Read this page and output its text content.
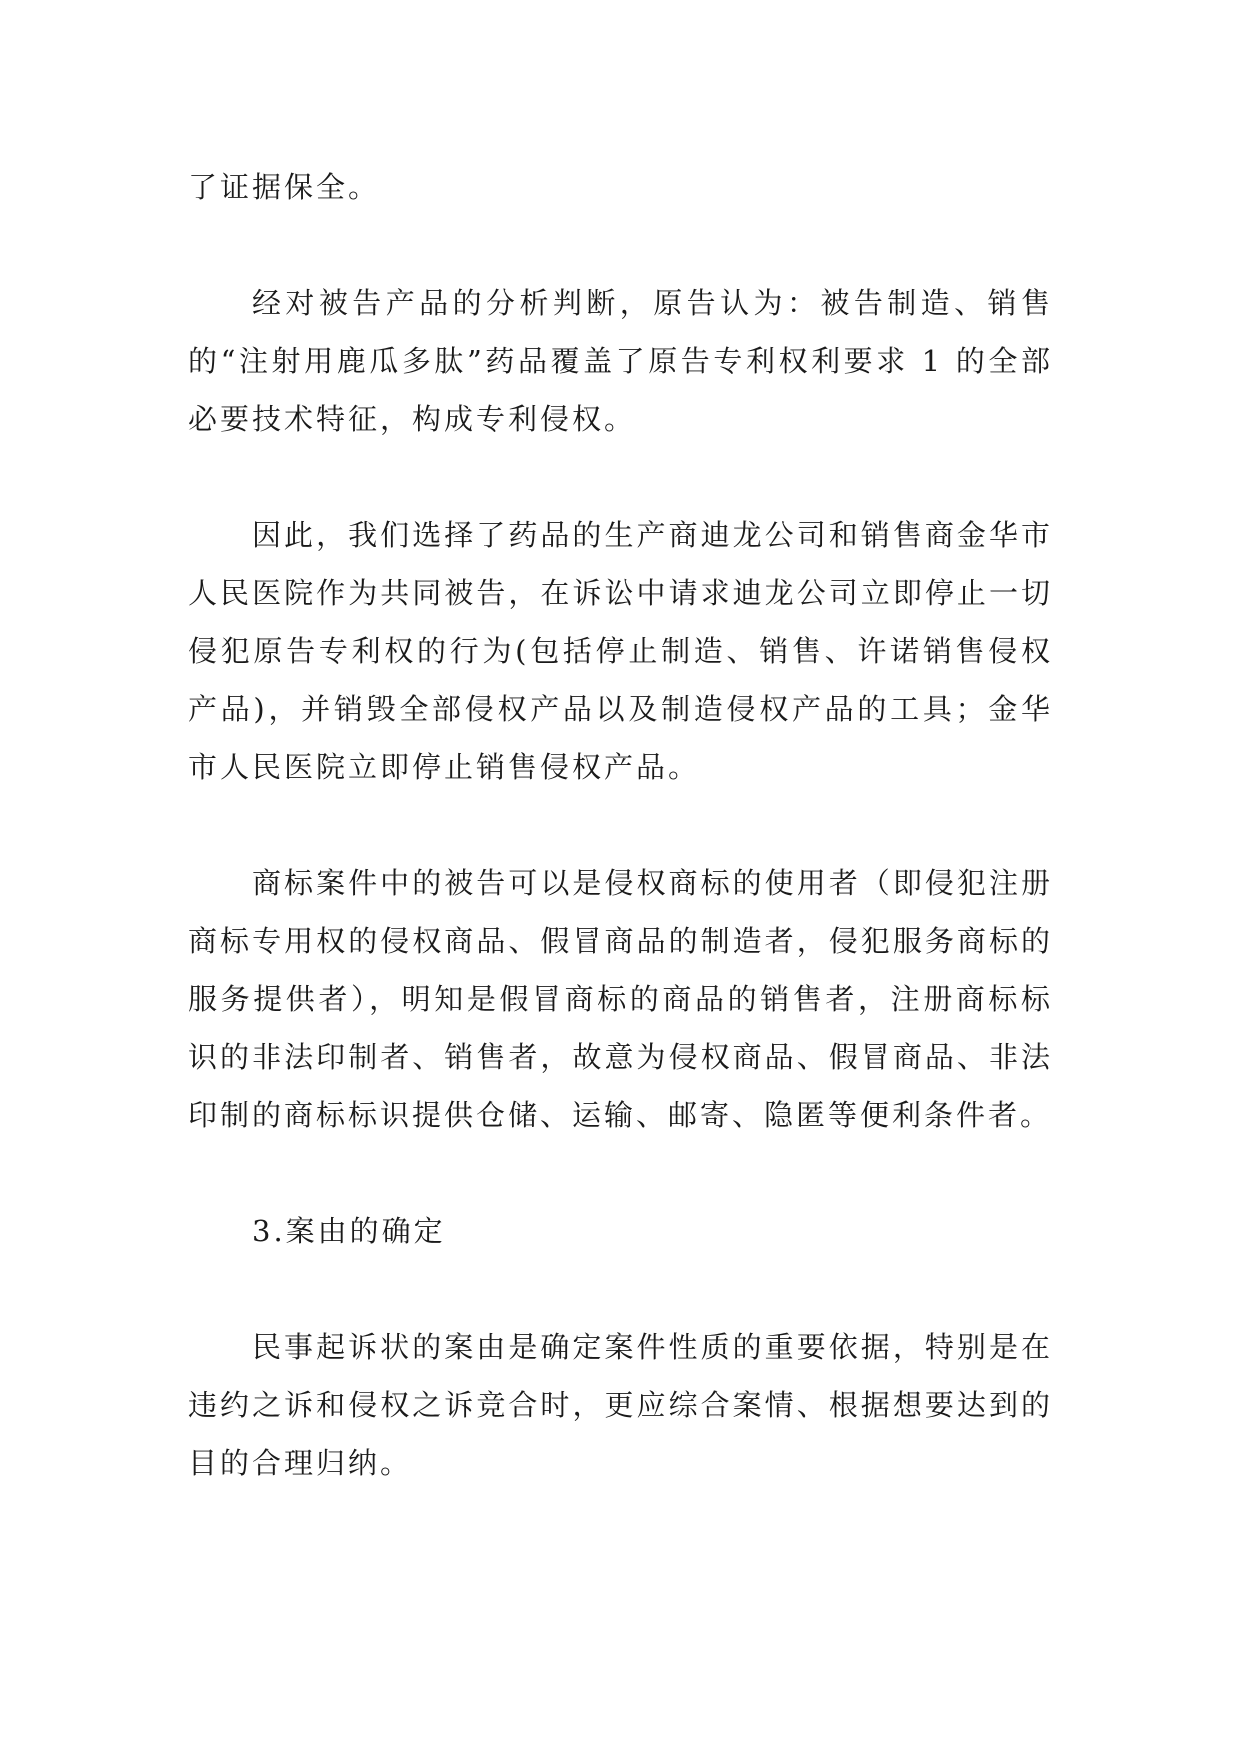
了证据保全。

经对被告产品的分析判断，原告认为：被告制造、销售的“注射用鹿瓜多肽”药品覆盖了原告专利权利要求 1 的全部必要技术特征，构成专利侵权。

因此，我们选择了药品的生产商迪龙公司和销售商金华市人民医院作为共同被告，在诉讼中请求迪龙公司立即停止一切侵犯原告专利权的行为(包括停止制造、销售、许诺销售侵权产品)，并销毁全部侵权产品以及制造侵权产品的工具；金华市人民医院立即停止销售侵权产品。

商标案件中的被告可以是侵权商标的使用者（即侵犯注册商标专用权的侵权商品、假冒商品的制造者，侵犯服务商标的服务提供者），明知是假冒商标的商品的销售者，注册商标标识的非法印制者、销售者，故意为侵权商品、假冒商品、非法印制的商标标识提供仓储、运输、邮寄、隐匿等便利条件者。

3.案由的确定

民事起诉状的案由是确定案件性质的重要依据，特别是在违约之诉和侵权之诉竞合时，更应综合案情、根据想要达到的目的合理归纳。
